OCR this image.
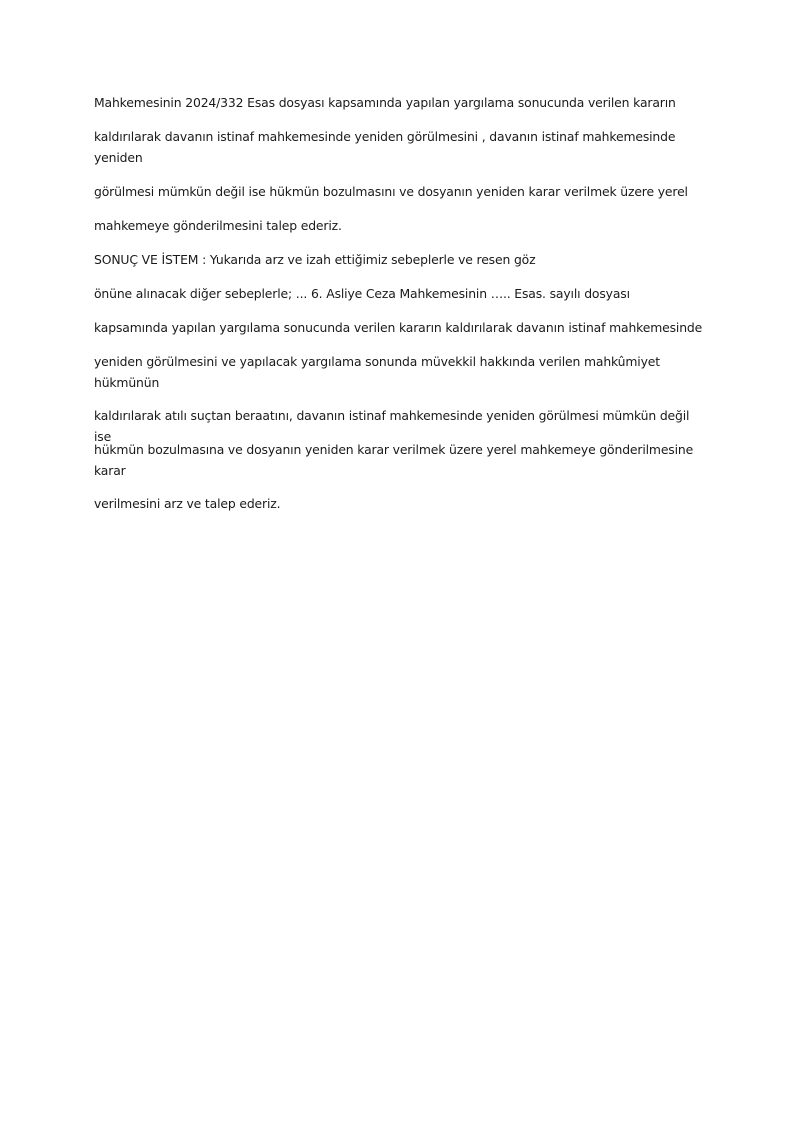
Mahkemesinin 2024/332 Esas dosyası kapsamında yapılan yargılama sonucunda verilen kararın

kaldırılarak davanın istinaf mahkemesinde yeniden görülmesini , davanın istinaf mahkemesinde yeniden

görülmesi mümkün değil ise hükmün bozulmasını ve dosyanın yeniden karar verilmek üzere yerel

mahkemeye gönderilmesini talep ederiz.

SONUÇ VE İSTEM : Yukarıda arz ve izah ettiğimiz sebeplerle ve resen göz

önüne alınacak diğer sebeplerle; ... 6. Asliye Ceza Mahkemesinin ….. Esas. sayılı dosyası

kapsamında yapılan yargılama sonucunda verilen kararın kaldırılarak davanın istinaf mahkemesinde

yeniden görülmesini ve yapılacak yargılama sonunda müvekkil hakkında verilen mahkûmiyet hükmünün

kaldırılarak atılı suçtan beraatını, davanın istinaf mahkemesinde yeniden görülmesi mümkün değil ise

hükmün bozulmasına ve dosyanın yeniden karar verilmek üzere yerel mahkemeye gönderilmesine karar

verilmesini arz ve talep ederiz.
